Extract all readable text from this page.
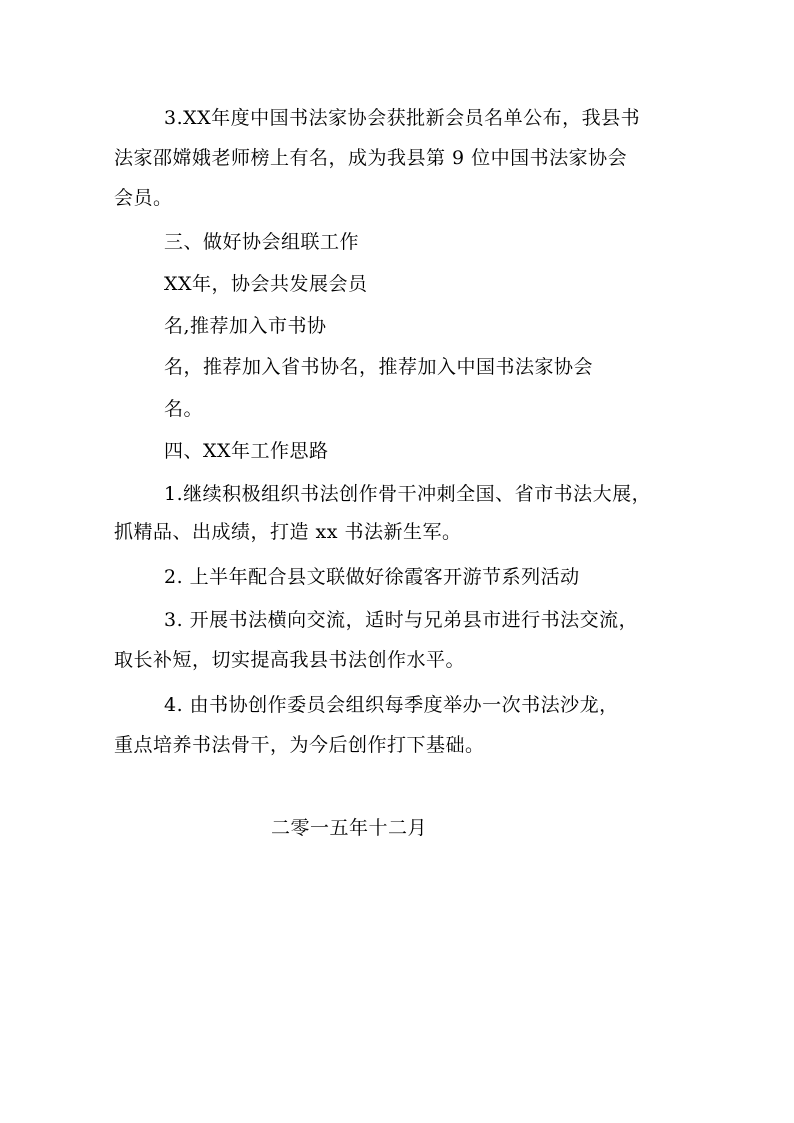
3.XX年度中国书法家协会获批新会员名单公布，我县书
法家邵嫦娥老师榜上有名，成为我县第 9 位中国书法家协会
会员。
三、做好协会组联工作
XX年，协会共发展会员
名,推荐加入市书协
名，推荐加入省书协名，推荐加入中国书法家协会
名。
四、XX年工作思路
1.继续积极组织书法创作骨干冲刺全国、省市书法大展，
抓精品、出成绩，打造 xx 书法新生军。
2. 上半年配合县文联做好徐霞客开游节系列活动
3. 开展书法横向交流，适时与兄弟县市进行书法交流，
取长补短，切实提高我县书法创作水平。
4. 由书协创作委员会组织每季度举办一次书法沙龙，
重点培养书法骨干，为今后创作打下基础。
二零一五年十二月
